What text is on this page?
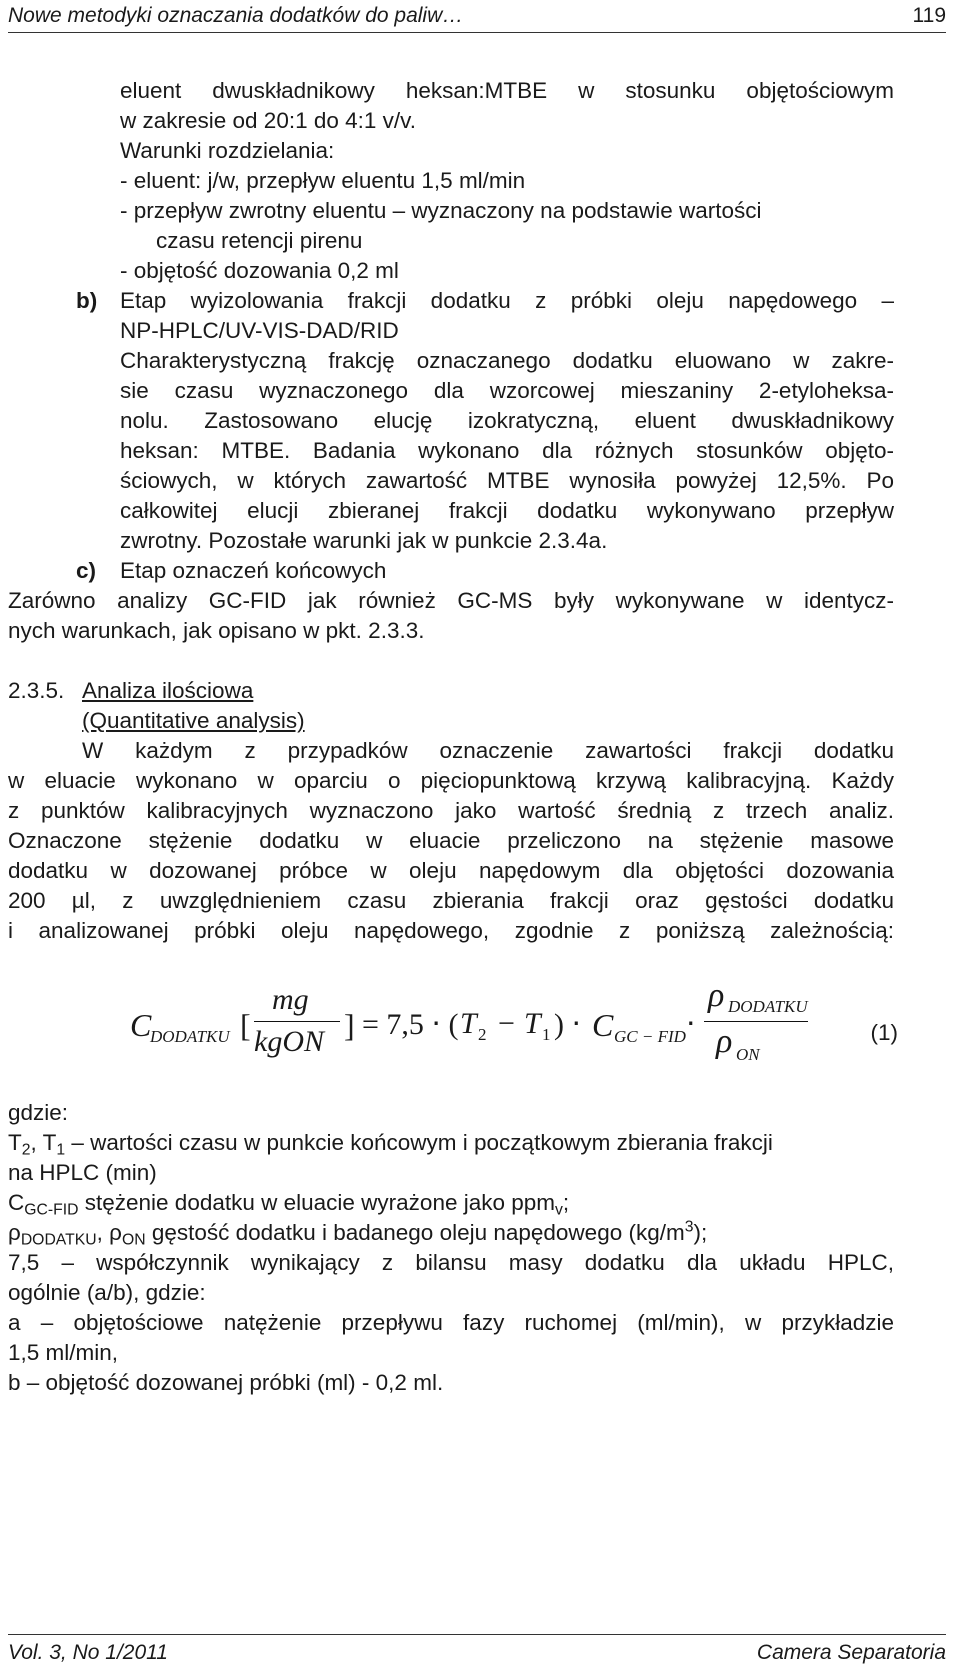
Nowe metodyki oznaczania dodatków do paliw…	119
eluent dwuskładnikowy heksan:MTBE w stosunku objętościowym
w zakresie od 20:1 do 4:1 v/v.
Warunki rozdzielania:
- eluent: j/w, przepływ eluentu 1,5 ml/min
- przepływ zwrotny eluentu – wyznaczony na podstawie wartości
czasu retencji pirenu
- objętość dozowania 0,2 ml
b) Etap wyizolowania frakcji dodatku z próbki oleju napędowego –
NP-HPLC/UV-VIS-DAD/RID
Charakterystyczną frakcję oznaczanego dodatku eluowano w zakre-
sie czasu wyznaczonego dla wzorcowej mieszaniny 2-etyloheksa-
nolu. Zastosowano elucję izokratyczną, eluent dwuskładnikowy
heksan: MTBE. Badania wykonano dla różnych stosunków objęto-
ściowych, w których zawartość MTBE wynosiła powyżej 12,5%. Po
całkowitej elucji zbieranej frakcji dodatku wykonywano przepływ
zwrotny. Pozostałe warunki jak w punkcie 2.3.4a.
c) Etap oznaczeń końcowych
Zarówno analizy GC-FID jak również GC-MS były wykonywane w identycz-
nych warunkach, jak opisano w pkt. 2.3.3.
2.3.5. Analiza ilościowa
(Quantitative analysis)
W każdym z przypadków oznaczenie zawartości frakcji dodatku
w eluacie wykonano w oparciu o pięciopunktową krzywą kalibracyjną. Każdy
z punktów kalibracyjnych wyznaczono jako wartość średnią z trzech analiz.
Oznaczone stężenie dodatku w eluacie przeliczono na stężenie masowe
dodatku w dozowanej próbce w oleju napędowym dla objętości dozowania
200 µl, z uwzględnieniem czasu zbierania frakcji oraz gęstości dodatku
i analizowanej próbki oleju napędowego, zgodnie z poniższą zależnością:
C
DODATKU [
mg
kgON ] = 7,5 ⋅ ( T 2 − T 1 ) ⋅ C GC − FID ⋅
ρ DODATKU
ρ ON
(1)
gdzie:
$T_2$, $T_1$ – wartości czasu w punkcie końcowym i początkowym zbierania frakcji
na HPLC (min)
$C_{GC-FID}$ stężenie dodatku w eluacie wyrażone jako ppm$_v$;
$\rho_{DODATKU}$, $\rho_{ON}$ gęstość dodatku i badanego oleju napędowego $(kg/m^3)$;
7,5 – współczynnik wynikający z bilansu masy dodatku dla układu HPLC,
ogólnie (a/b), gdzie:
a – objętościowe natężenie przepływu fazy ruchomej (ml/min), w przykładzie
1,5 ml/min,
b – objętość dozowanej próbki (ml) - 0,2 ml.
Vol. 3, No 1/2011	Camera Separatoria
